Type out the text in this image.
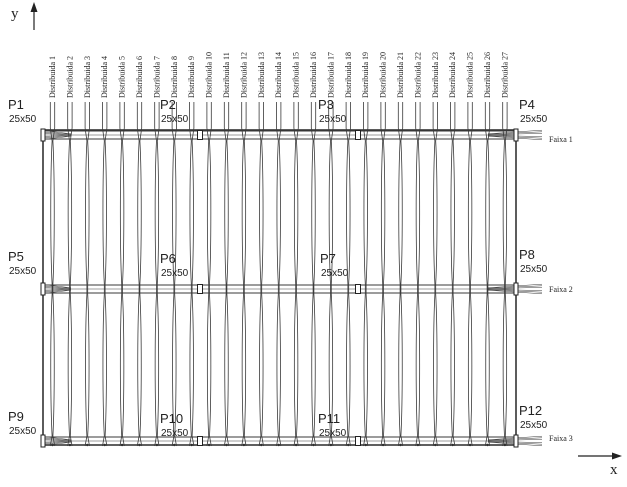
y
x
Distribuida 1 Distribuida 2 Distribuida 3 Distribuida 4 Distribuida 5 Distribuida 6 Distribuida 7 Distribuida 8 Distribuida 9 Distribuida 10 Distribuida 11 Distribuida 12 Distribuida 13 Distribuida 14 Distribuida 15 Distribuida 16 Distribuida 17 Distribuida 18 Distribuida 19 Distribuida 20 Distribuida 21 Distribuida 22 Distribuida 23 Distribuida 24 Distribuida 25 Distribuida 26 Distribuida 27
P1
25x50
P2
25x50
P3
25x50
P4
25x50
P5
25x50
P6
25x50
P7
25x50
P8
25x50
P9
25x50
P10
25x50
P11
25x50
P12
25x50
Faixa 1
Faixa 2
Faixa 3
